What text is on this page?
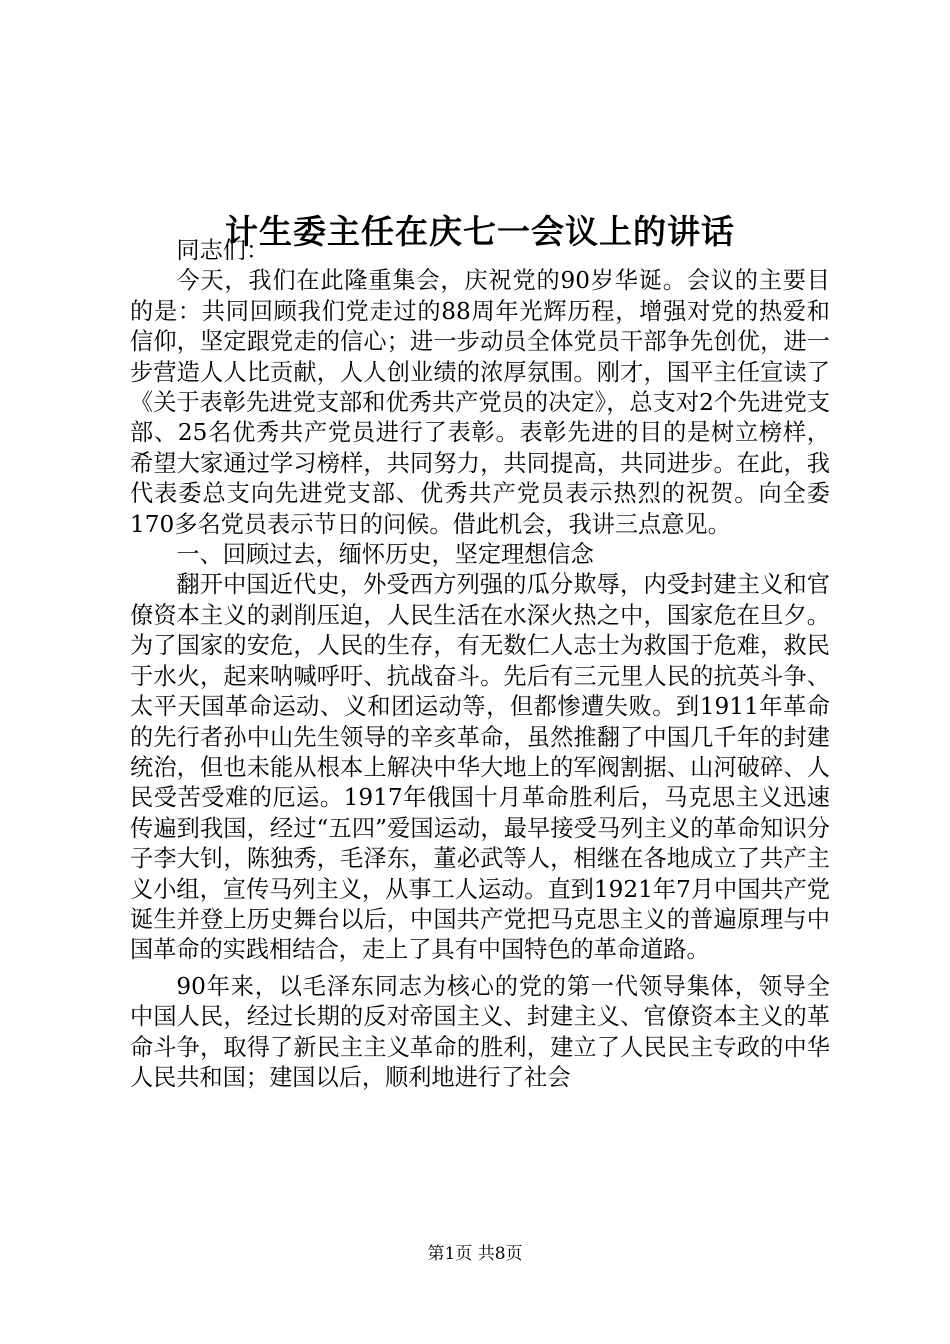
计生委主任在庆七一会议上的讲话

同志们：

今天，我们在此隆重集会，庆祝党的90岁华诞。会议的主要目的是：共同回顾我们党走过的88周年光辉历程，增强对党的热爱和信仰，坚定跟党走的信心；进一步动员全体党员干部争先创优，进一步营造人人比贡献，人人创业绩的浓厚氛围。刚才，国平主任宣读了《关于表彰先进党支部和优秀共产党员的决定》，总支对2个先进党支部、25名优秀共产党员进行了表彰。表彰先进的目的是树立榜样，希望大家通过学习榜样，共同努力，共同提高，共同进步。在此，我代表委总支向先进党支部、优秀共产党员表示热烈的祝贺。向全委170多名党员表示节日的问候。借此机会，我讲三点意见。

一、回顾过去，缅怀历史，坚定理想信念

翻开中国近代史，外受西方列强的瓜分欺辱，内受封建主义和官僚资本主义的剥削压迫，人民生活在水深火热之中，国家危在旦夕。为了国家的安危，人民的生存，有无数仁人志士为救国于危难，救民于水火，起来呐喊呼吁、抗战奋斗。先后有三元里人民的抗英斗争、太平天国革命运动、义和团运动等，但都惨遭失败。到1911年革命的先行者孙中山先生领导的辛亥革命，虽然推翻了中国几千年的封建统治，但也未能从根本上解决中华大地上的军阀割据、山河破碎、人民受苦受难的厄运。1917年俄国十月革命胜利后，马克思主义迅速传遍到我国，经过“五四”爱国运动，最早接受马列主义的革命知识分子李大钊，陈独秀，毛泽东，董必武等人，相继在各地成立了共产主义小组，宣传马列主义，从事工人运动。直到1921年7月中国共产党诞生并登上历史舞台以后，中国共产党把马克思主义的普遍原理与中国革命的实践相结合，走上了具有中国特色的革命道路。

90年来，以毛泽东同志为核心的党的第一代领导集体，领导全中国人民，经过长期的反对帝国主义、封建主义、官僚资本主义的革命斗争，取得了新民主主义革命的胜利，建立了人民民主专政的中华人民共和国；建国以后，顺利地进行了社会

第1页 共8页
